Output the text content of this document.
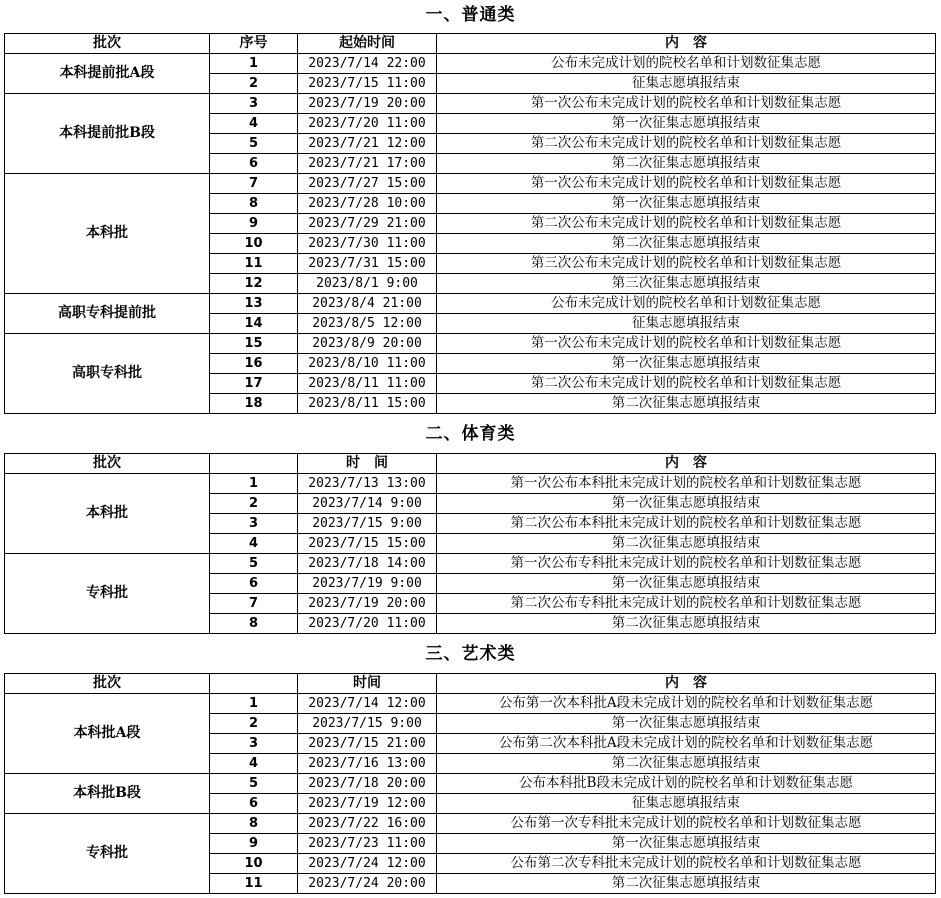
一、普通类
批次	序号	起始时间	内　容
本科提前批A段	1	2023/7/14 22:00	公布未完成计划的院校名单和计划数征集志愿
	2	2023/7/15 11:00	征集志愿填报结束
本科提前批B段	3	2023/7/19 20:00	第一次公布未完成计划的院校名单和计划数征集志愿
	4	2023/7/20 11:00	第一次征集志愿填报结束
	5	2023/7/21 12:00	第二次公布未完成计划的院校名单和计划数征集志愿
	6	2023/7/21 17:00	第二次征集志愿填报结束
本科批	7	2023/7/27 15:00	第一次公布未完成计划的院校名单和计划数征集志愿
	8	2023/7/28 10:00	第一次征集志愿填报结束
	9	2023/7/29 21:00	第二次公布未完成计划的院校名单和计划数征集志愿
	10	2023/7/30 11:00	第二次征集志愿填报结束
	11	2023/7/31 15:00	第三次公布未完成计划的院校名单和计划数征集志愿
	12	2023/8/1 9:00	第三次征集志愿填报结束
高职专科提前批	13	2023/8/4 21:00	公布未完成计划的院校名单和计划数征集志愿
	14	2023/8/5 12:00	征集志愿填报结束
高职专科批	15	2023/8/9 20:00	第一次公布未完成计划的院校名单和计划数征集志愿
	16	2023/8/10 11:00	第一次征集志愿填报结束
	17	2023/8/11 11:00	第二次公布未完成计划的院校名单和计划数征集志愿
	18	2023/8/11 15:00	第二次征集志愿填报结束
二、体育类
批次		时　间	内　容
本科批	1	2023/7/13 13:00	第一次公布本科批未完成计划的院校名单和计划数征集志愿
	2	2023/7/14 9:00	第一次征集志愿填报结束
	3	2023/7/15 9:00	第二次公布本科批未完成计划的院校名单和计划数征集志愿
	4	2023/7/15 15:00	第二次征集志愿填报结束
专科批	5	2023/7/18 14:00	第一次公布专科批未完成计划的院校名单和计划数征集志愿
	6	2023/7/19 9:00	第一次征集志愿填报结束
	7	2023/7/19 20:00	第二次公布专科批未完成计划的院校名单和计划数征集志愿
	8	2023/7/20 11:00	第二次征集志愿填报结束
三、艺术类
批次		时间	内　容
本科批A段	1	2023/7/14 12:00	公布第一次本科批A段未完成计划的院校名单和计划数征集志愿
	2	2023/7/15 9:00	第一次征集志愿填报结束
	3	2023/7/15 21:00	公布第二次本科批A段未完成计划的院校名单和计划数征集志愿
	4	2023/7/16 13:00	第二次征集志愿填报结束
本科批B段	5	2023/7/18 20:00	公布本科批B段未完成计划的院校名单和计划数征集志愿
	6	2023/7/19 12:00	征集志愿填报结束
专科批	8	2023/7/22 16:00	公布第一次专科批未完成计划的院校名单和计划数征集志愿
	9	2023/7/23 11:00	第一次征集志愿填报结束
	10	2023/7/24 12:00	公布第二次专科批未完成计划的院校名单和计划数征集志愿
	11	2023/7/24 20:00	第二次征集志愿填报结束
